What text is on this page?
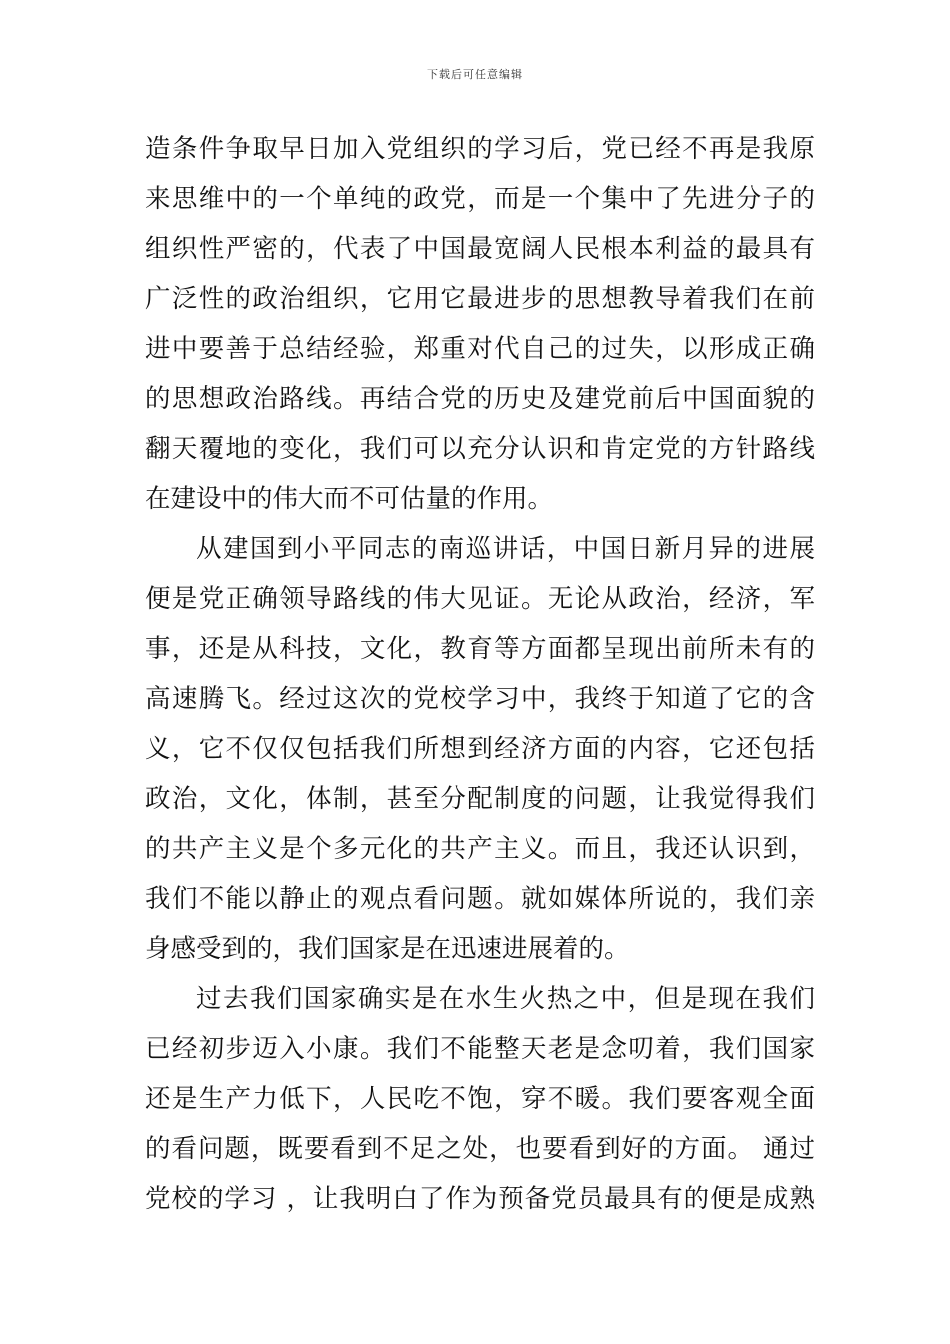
下载后可任意编辑
造条件争取早日加入党组织的学习后，党已经不再是我原
来思维中的一个单纯的政党，而是一个集中了先进分子的
组织性严密的，代表了中国最宽阔人民根本利益的最具有
广泛性的政治组织，它用它最进步的思想教导着我们在前
进中要善于总结经验，郑重对代自己的过失，以形成正确
的思想政治路线。再结合党的历史及建党前后中国面貌的
翻天覆地的变化，我们可以充分认识和肯定党的方针路线
在建设中的伟大而不可估量的作用。
从建国到小平同志的南巡讲话，中国日新月异的进展
便是党正确领导路线的伟大见证。无论从政治，经济，军
事，还是从科技，文化，教育等方面都呈现出前所未有的
高速腾飞。经过这次的党校学习中，我终于知道了它的含
义，它不仅仅包括我们所想到经济方面的内容，它还包括
政治，文化，体制，甚至分配制度的问题，让我觉得我们
的共产主义是个多元化的共产主义。而且，我还认识到，
我们不能以静止的观点看问题。就如媒体所说的，我们亲
身感受到的，我们国家是在迅速进展着的。
过去我们国家确实是在水生火热之中，但是现在我们
已经初步迈入小康。我们不能整天老是念叨着，我们国家
还是生产力低下，人民吃不饱，穿不暖。我们要客观全面
的看问题，既要看到不足之处，也要看到好的方面。 通过
党校的学习 ，让我明白了作为预备党员最具有的便是成熟
